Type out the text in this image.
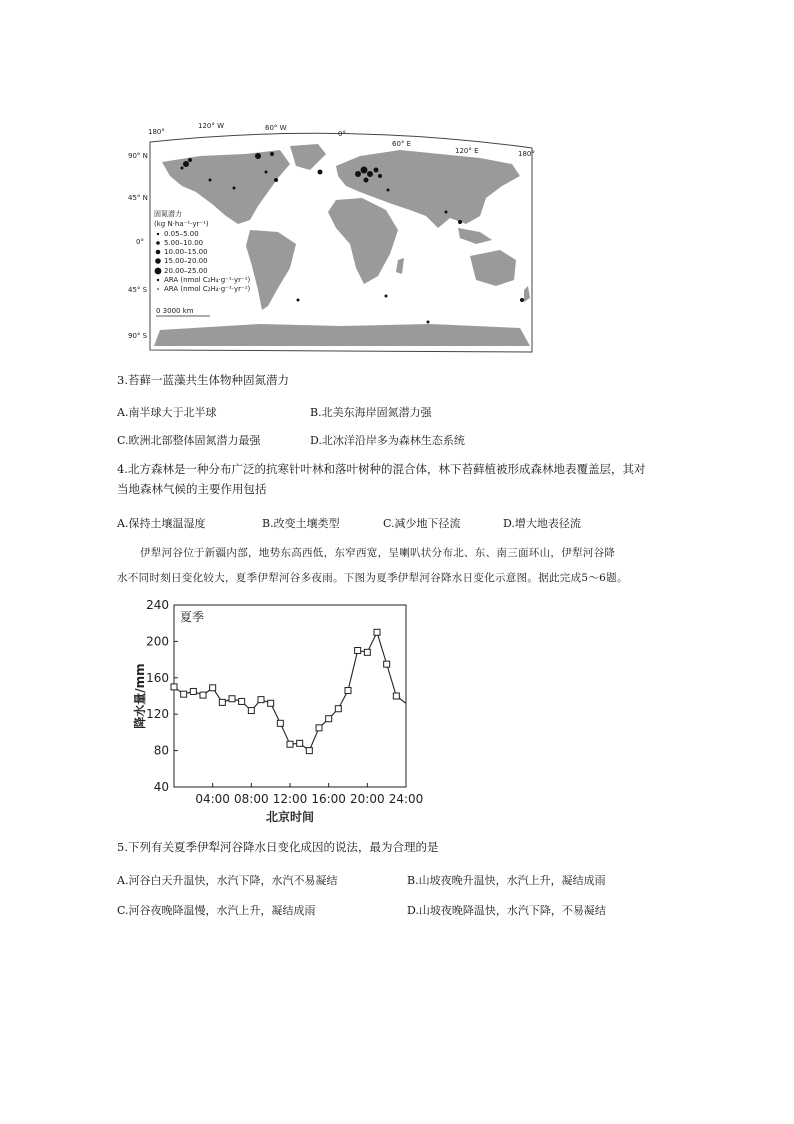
180°
120° W	60° W
0°
60° E
120° E	180°
90° N
45° N
0°
45° S
90° S
固氮潜力
(kg N·ha⁻¹·yr⁻¹)
0.05–5.00
5.00–10.00
10.00–15.00
15.00–20.00
20.00–25.00
ARA (nmol C₂H₄·g⁻¹·yr⁻¹)
ARA (nmol C₂H₄·g⁻¹·yr⁻¹)
0 3000 km
3.苔藓一蓝藻共生体物种固氮潜力
A.南半球大于北半球	B.北美东海岸固氮潜力强
C.欧洲北部整体固氮潜力最强	D.北冰洋沿岸多为森林生态系统
4.北方森林是一种分布广泛的抗寒针叶林和落叶树种的混合体，林下苔藓植被形成森林地表覆盖层，其对
当地森林气候的主要作用包括
A.保持土壤温湿度	B.改变土壤类型	C.减少地下径流	D.增大地表径流
伊犁河谷位于新疆内部，地势东高西低，东窄西宽，呈喇叭状分布北、东、南三面环山，伊犁河谷降
水不同时刻日变化较大，夏季伊犁河谷多夜雨。下图为夏季伊犁河谷降水日变化示意图。据此完成5～6题。
40
80
120
160
200
240
04:00 08:00 12:00 16:00 20:00 24:00
夏季
北京时间
降水量/mm
5.下列有关夏季伊犁河谷降水日变化成因的说法，最为合理的是
A.河谷白天升温快，水汽下降，水汽不易凝结	B.山坡夜晚升温快，水汽上升，凝结成雨
C.河谷夜晚降温慢，水汽上升，凝结成雨	D.山坡夜晚降温快，水汽下降，不易凝结
